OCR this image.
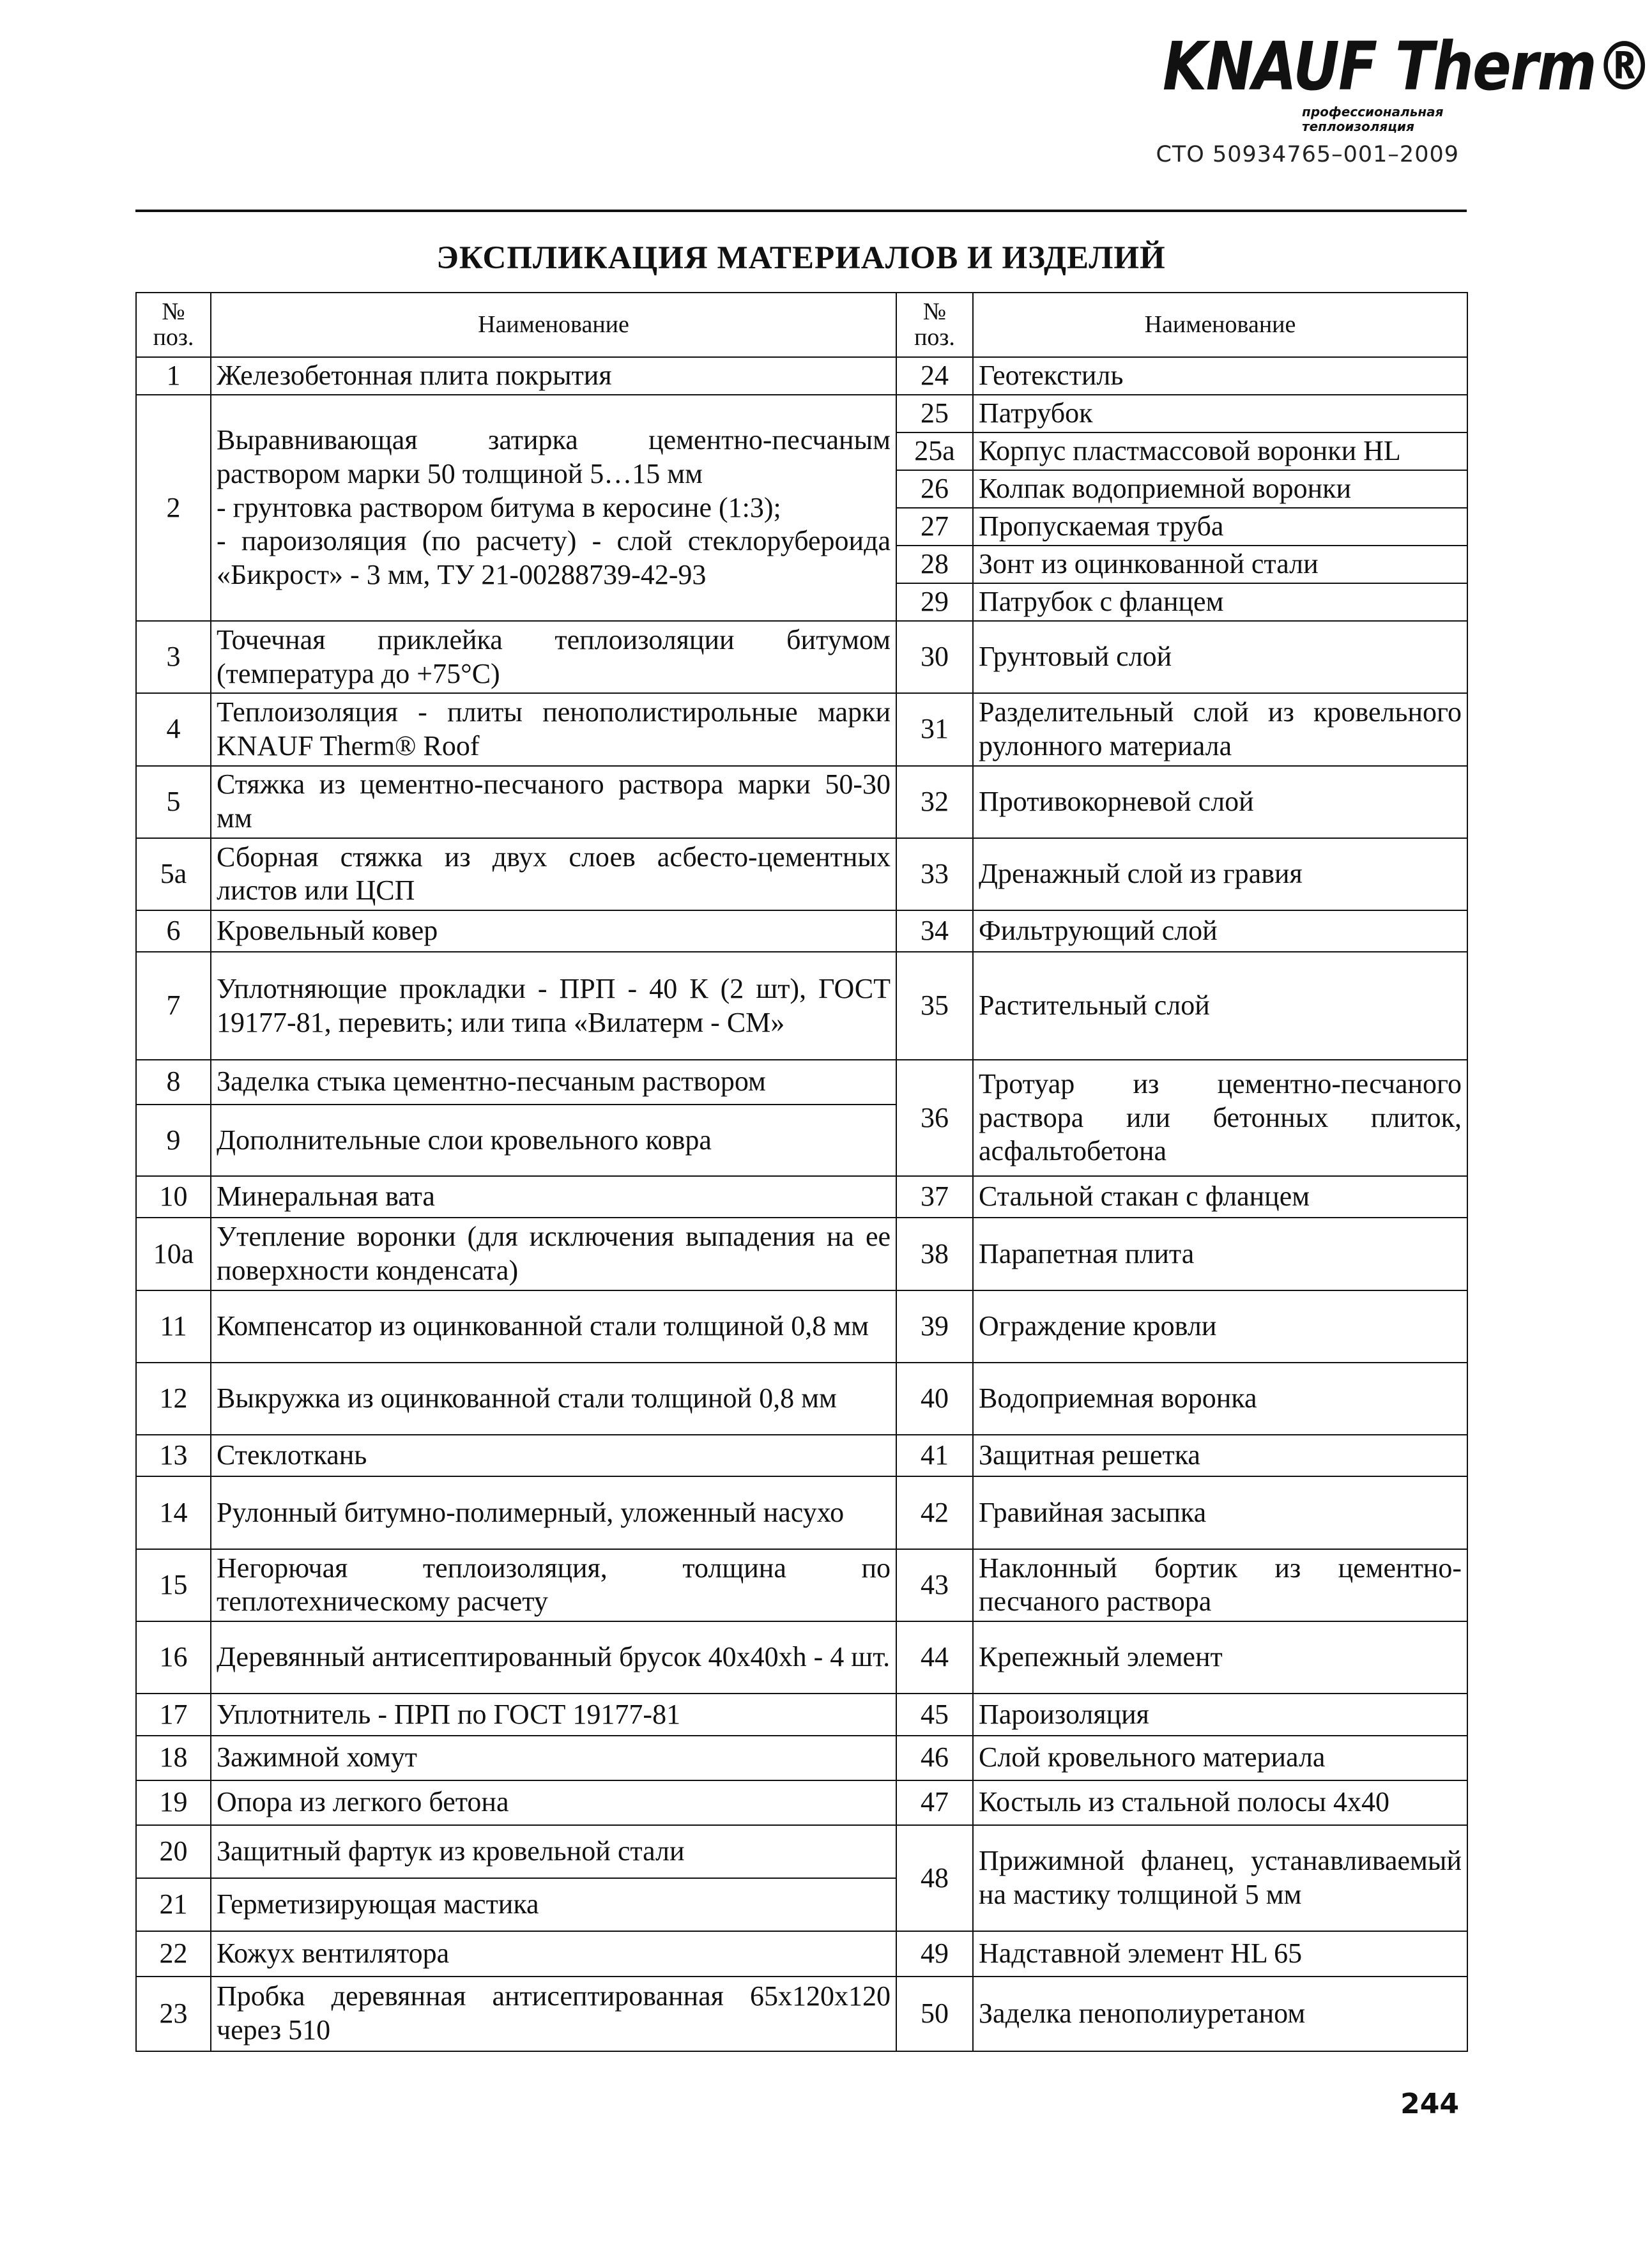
KNAUF Therm®
профессиональная теплоизоляция
СТО 50934765–001–2009
ЭКСПЛИКАЦИЯ МАТЕРИАЛОВ И ИЗДЕЛИЙ
№ поз.	Наименование	№ поз.	Наименование
1	Железобетонная плита покрытия	24	Геотекстиль
2	Выравнивающая затирка цементно-песчаным раствором марки 50 толщиной 5…15 мм
- грунтовка раствором битума в керосине (1:3);
- пароизоляция (по расчету) - слой стеклорубероида «Бикрост» - 3 мм, ТУ 21-00288739-42-93	25	Патрубок
		25а	Корпус пластмассовой воронки HL
		26	Колпак водоприемной воронки
		27	Пропускаемая труба
		28	Зонт из оцинкованной стали
		29	Патрубок с фланцем
3	Точечная приклейка теплоизоляции битумом (температура до +75°С)	30	Грунтовый слой
4	Теплоизоляция - плиты пенополистирольные марки KNAUF Therm® Roof	31	Разделительный слой из кровельного рулонного материала
5	Стяжка из цементно-песчаного раствора марки 50-30 мм	32	Противокорневой слой
5а	Сборная стяжка из двух слоев асбесто-цементных листов или ЦСП	33	Дренажный слой из гравия
6	Кровельный ковер	34	Фильтрующий слой
7	Уплотняющие прокладки - ПРП - 40 К (2 шт), ГОСТ 19177-81, перевить; или типа «Вилатерм - СМ»	35	Растительный слой
8	Заделка стыка цементно-песчаным раствором	36	Тротуар из цементно-песчаного раствора или бетонных плиток, асфальтобетона
9	Дополнительные слои кровельного ковра		
10	Минеральная вата	37	Стальной стакан с фланцем
10а	Утепление воронки (для исключения выпадения на ее поверхности конденсата)	38	Парапетная плита
11	Компенсатор из оцинкованной стали толщиной 0,8 мм	39	Ограждение кровли
12	Выкружка из оцинкованной стали толщиной 0,8 мм	40	Водоприемная воронка
13	Стеклоткань	41	Защитная решетка
14	Рулонный битумно-полимерный, уложенный насухо	42	Гравийная засыпка
15	Негорючая теплоизоляция, толщина по теплотехническому расчету	43	Наклонный бортик из цементно-песчаного раствора
16	Деревянный антисептированный брусок 40х40хh - 4 шт.	44	Крепежный элемент
17	Уплотнитель - ПРП по ГОСТ 19177-81	45	Пароизоляция
18	Зажимной хомут	46	Слой кровельного материала
19	Опора из легкого бетона	47	Костыль из стальной полосы 4х40
20	Защитный фартук из кровельной стали	48	Прижимной фланец, устанавливаемый на мастику толщиной 5 мм
21	Герметизирующая мастика		
22	Кожух вентилятора	49	Надставной элемент HL 65
23	Пробка деревянная антисептированная 65х120х120 через 510	50	Заделка пенополиуретаном
244
